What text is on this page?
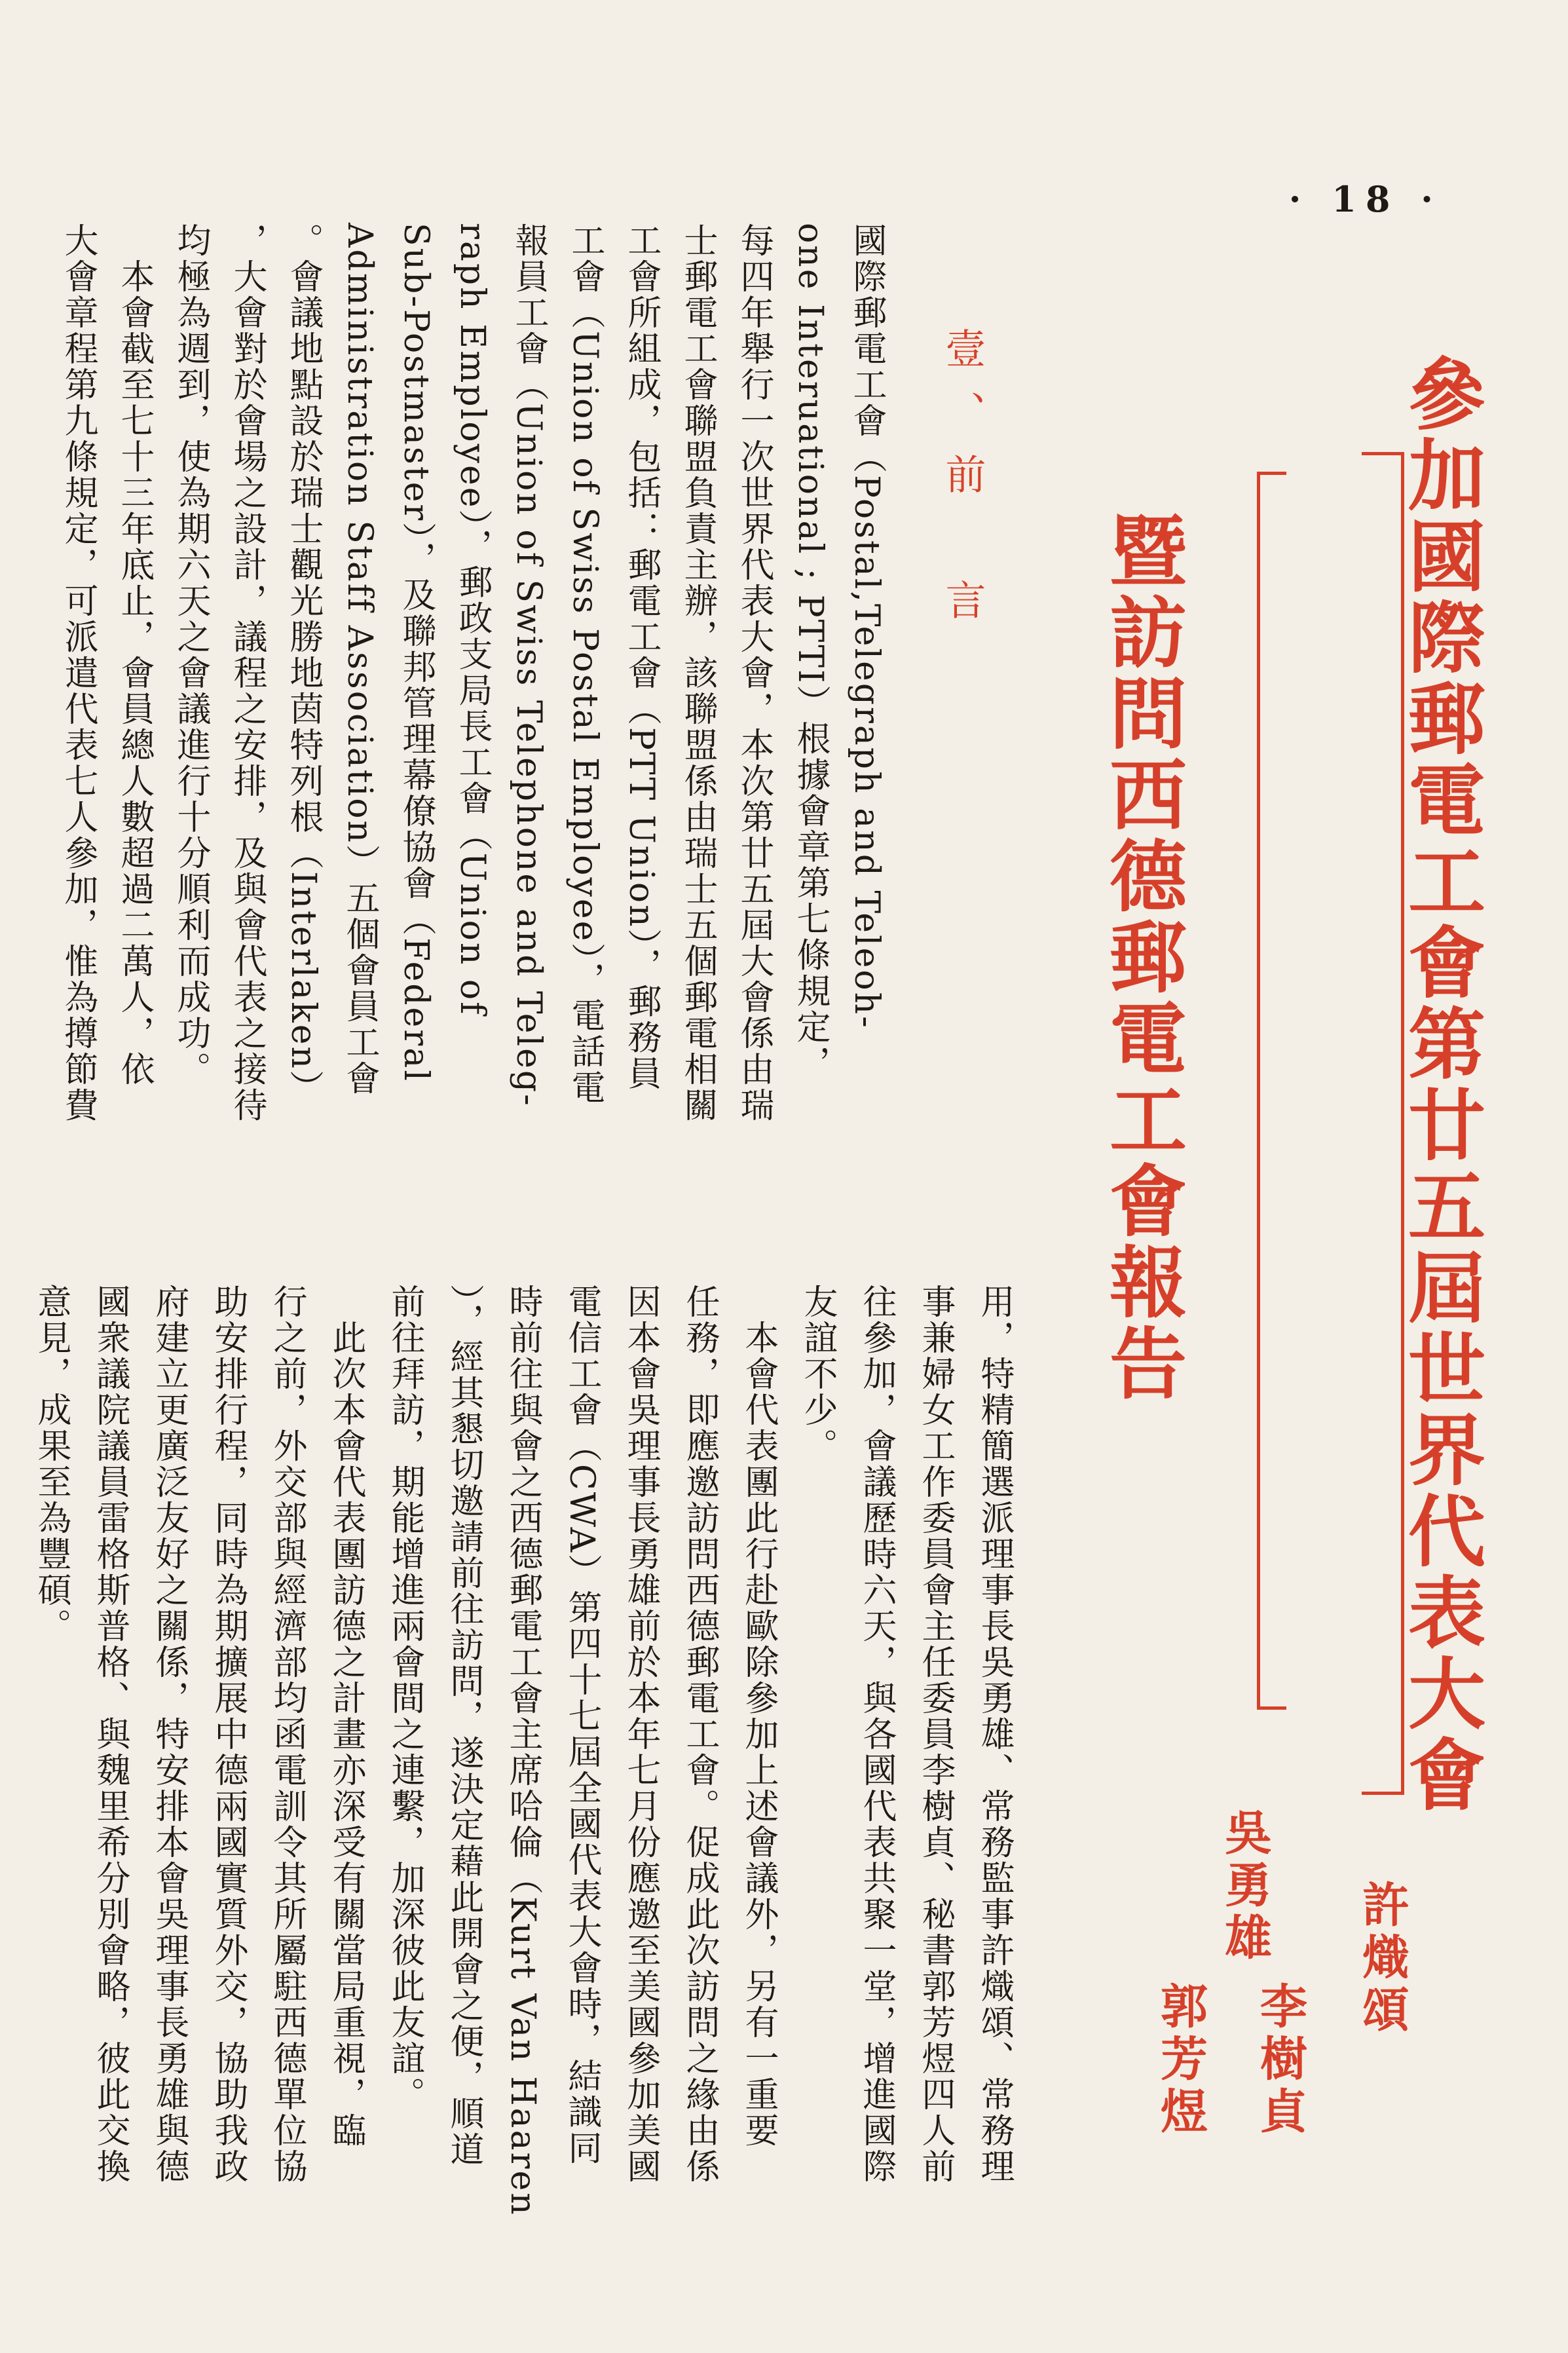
· 18 ·
參加國際郵電工會第廿五屆世界代表大會
暨訪問西德郵電工會報告
吳勇雄 許熾頌
李樹貞
郭芳煜
壹、前　言
國際郵電工會（Postal,Telegraph and Teleoh-
one Interuational ; PTTI）根據會章第七條規定，
每四年舉行一次世界代表大會，本次第廿五屆大會係由瑞
士郵電工會聯盟負責主辦，該聯盟係由瑞士五個郵電相關
工會所組成，包括：郵電工會（PTT Union），郵務員
工會（Union of Swiss Postal Employee），電話電
報員工會（Union of Swiss Telephone and Teleg-
raph Employee），郵政支局長工會（Union of
Sub-Postmaster），及聯邦管理幕僚協會（Federal
Administration Staff Association）五個會員工會
。會議地點設於瑞士觀光勝地茵特列根（Interlaken）
，大會對於會場之設計，議程之安排，及與會代表之接待
均極為週到，使為期六天之會議進行十分順利而成功。
　本會截至七十三年底止，會員總人數超過二萬人，依
大會章程第九條規定，可派遣代表七人參加，惟為撙節費
用，特精簡選派理事長吳勇雄、常務監事許熾頌、常務理
事兼婦女工作委員會主任委員李樹貞、秘書郭芳煜四人前
往參加，會議歷時六天，與各國代表共聚一堂，增進國際
友誼不少。
　本會代表團此行赴歐除參加上述會議外，另有一重要
任務，即應邀訪問西德郵電工會。促成此次訪問之緣由係
因本會吳理事長勇雄前於本年七月份應邀至美國參加美國
電信工會（CWA）第四十七屆全國代表大會時，結識同
時前往與會之西德郵電工會主席哈倫（Kurt Van Haaren
），經其懇切邀請前往訪問，遂決定藉此開會之便，順道
前往拜訪，期能增進兩會間之連繫，加深彼此友誼。
　此次本會代表團訪德之計畫亦深受有關當局重視，臨
行之前，外交部與經濟部均函電訓令其所屬駐西德單位協
助安排行程，同時為期擴展中德兩國實質外交，協助我政
府建立更廣泛友好之關係，特安排本會吳理事長勇雄與德
國衆議院議員雷格斯普格、與魏里希分別會略，彼此交換
意見，成果至為豐碩。
